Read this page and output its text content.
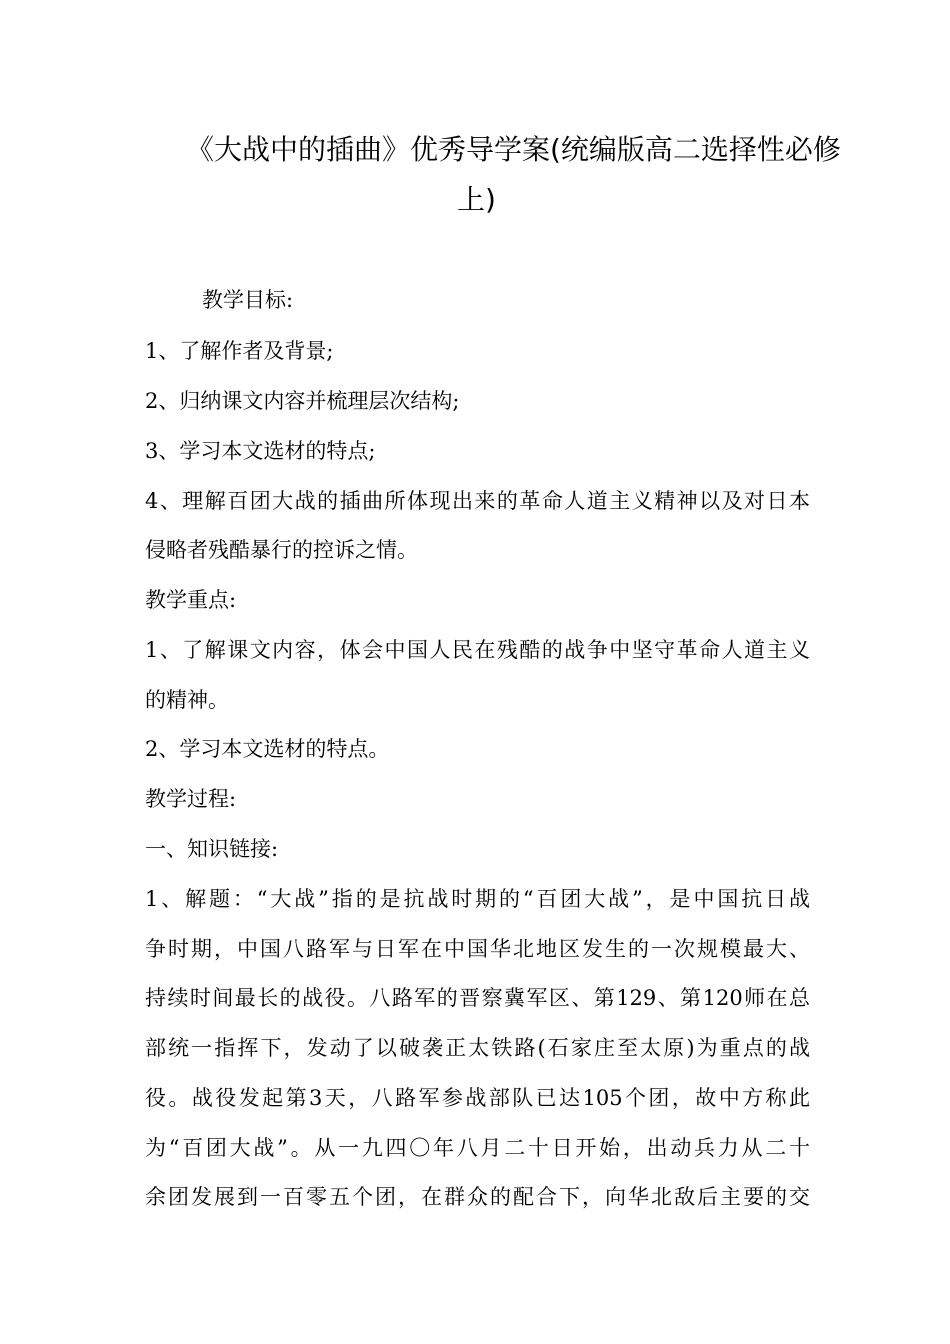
《大战中的插曲》优秀导学案(统编版高二选择性必修
上)
教学目标:
1、了解作者及背景;
2、归纳课文内容并梳理层次结构;
3、学习本文选材的特点;
4、理解百团大战的插曲所体现出来的革命人道主义精神以及对日本
侵略者残酷暴行的控诉之情。
教学重点:
1、了解课文内容，体会中国人民在残酷的战争中坚守革命人道主义
的精神。
2、学习本文选材的特点。
教学过程:
一、知识链接:
1、解题：“大战”指的是抗战时期的“百团大战”，是中国抗日战
争时期，中国八路军与日军在中国华北地区发生的一次规模最大、
持续时间最长的战役。八路军的晋察冀军区、第129、第120师在总
部统一指挥下，发动了以破袭正太铁路(石家庄至太原)为重点的战
役。战役发起第3天，八路军参战部队已达105个团，故中方称此
为“百团大战”。从一九四〇年八月二十日开始，出动兵力从二十
余团发展到一百零五个团，在群众的配合下，向华北敌后主要的交
